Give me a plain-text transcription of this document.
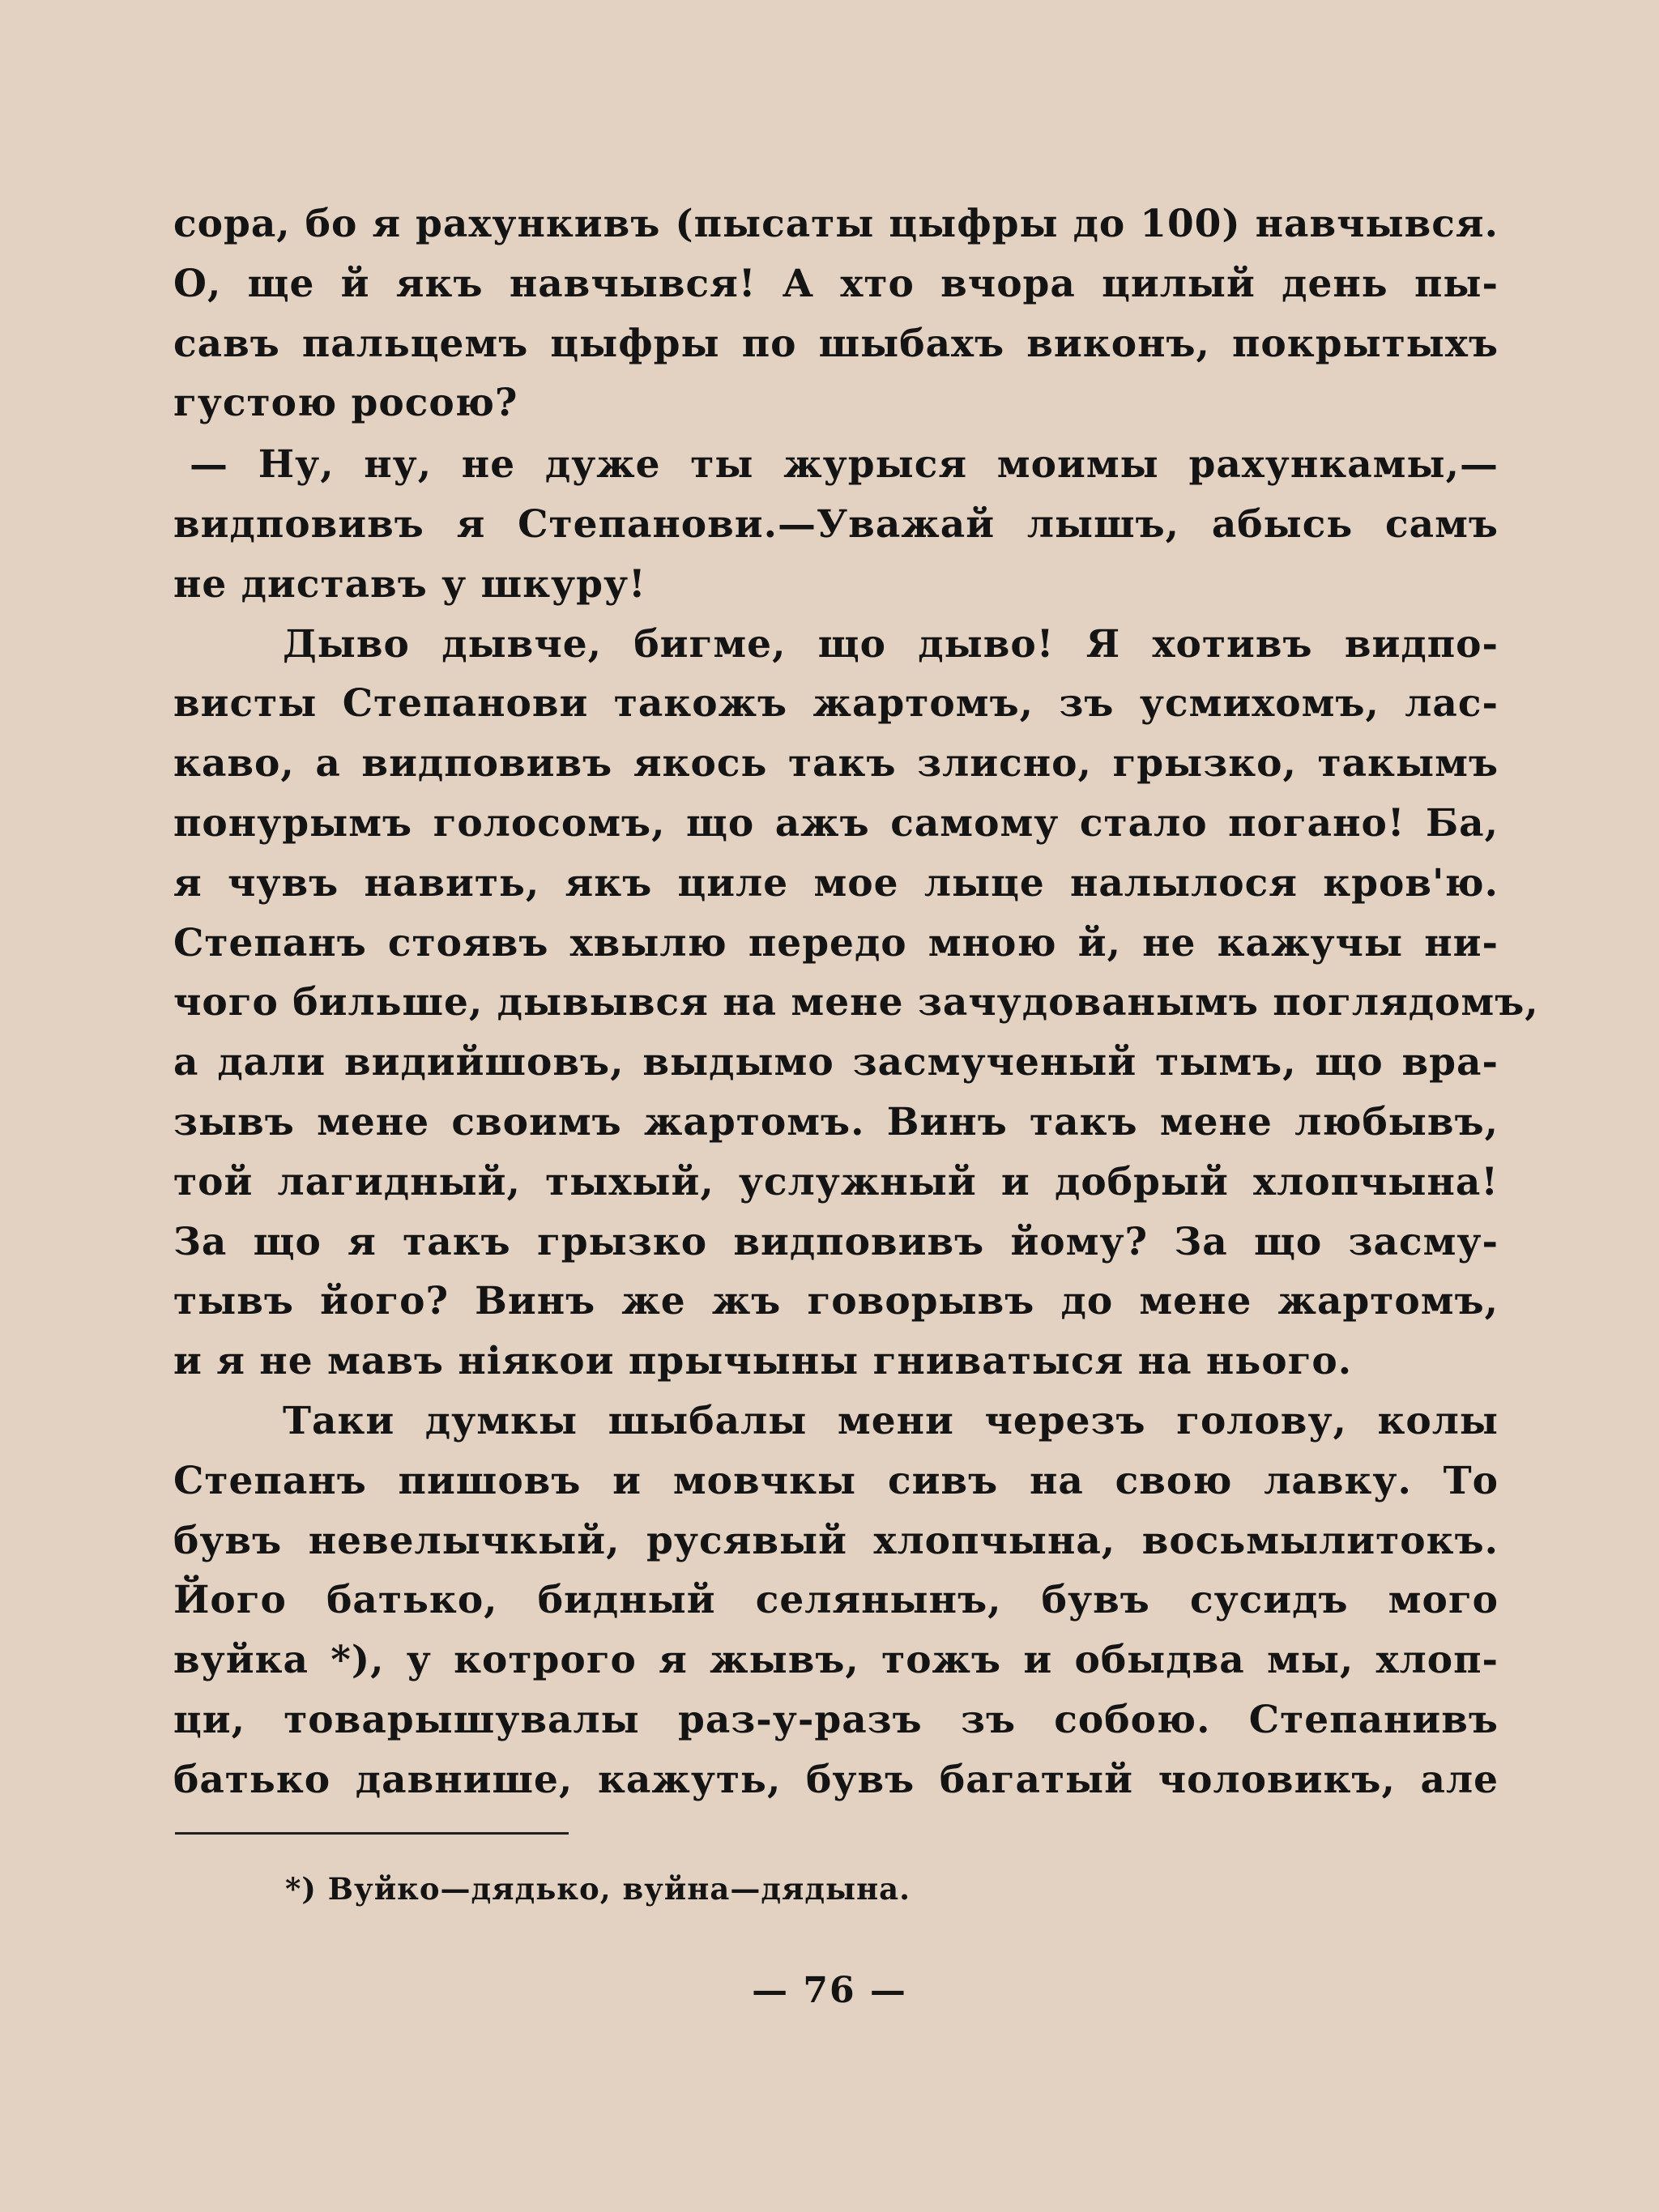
сора, бо я рахункивъ (пысаты цыфры до 100) навчывся.
О, ще й якъ навчывся! А хто вчора цилый день пы-
савъ пальцемъ цыфры по шыбахъ виконъ, покрытыхъ
густою росою?

— Ну, ну, не дуже ты журыся моимы рахункамы,—
видповивъ я Степанови.—Уважай лышъ, абысь самъ
не диставъ у шкуру!

Дыво дывче, бигме, що дыво! Я хотивъ видпо-
висты Степанови такожъ жартомъ, зъ усмихомъ, лас-
каво, а видповивъ якось такъ злисно, грызко, такымъ
понурымъ голосомъ, що ажъ самому стало погано! Ба,
я чувъ навить, якъ циле мое лыце налылося кров'ю.
Степанъ стоявъ хвылю передо мною й, не кажучы ни-
чого бильше, дывывся на мене зачудованымъ поглядомъ,
а дали видийшовъ, выдымо засмученый тымъ, що вра-
зывъ мене своимъ жартомъ. Винъ такъ мене любывъ,
той лагидный, тыхый, услужный и добрый хлопчына!
За що я такъ грызко видповивъ йому? За що засму-
тывъ його? Винъ же жъ говорывъ до мене жартомъ,
и я не мавъ ніякои прычыны гниватыся на нього.

Таки думкы шыбалы мени черезъ голову, колы
Степанъ пишовъ и мовчкы сивъ на свою лавку. То
бувъ невелычкый, русявый хлопчына, восьмылитокъ.
Його батько, бидный селянынъ, бувъ сусидъ мого
вуйка *), у котрого я жывъ, тожъ и обыдва мы, хлоп-
ци, товарышувалы раз-у-разъ зъ собою. Степанивъ
батько давнише, кажуть, бувъ багатый чоловикъ, але

*) Вуйко—дядько, вуйна—дядына.
— 76 —
